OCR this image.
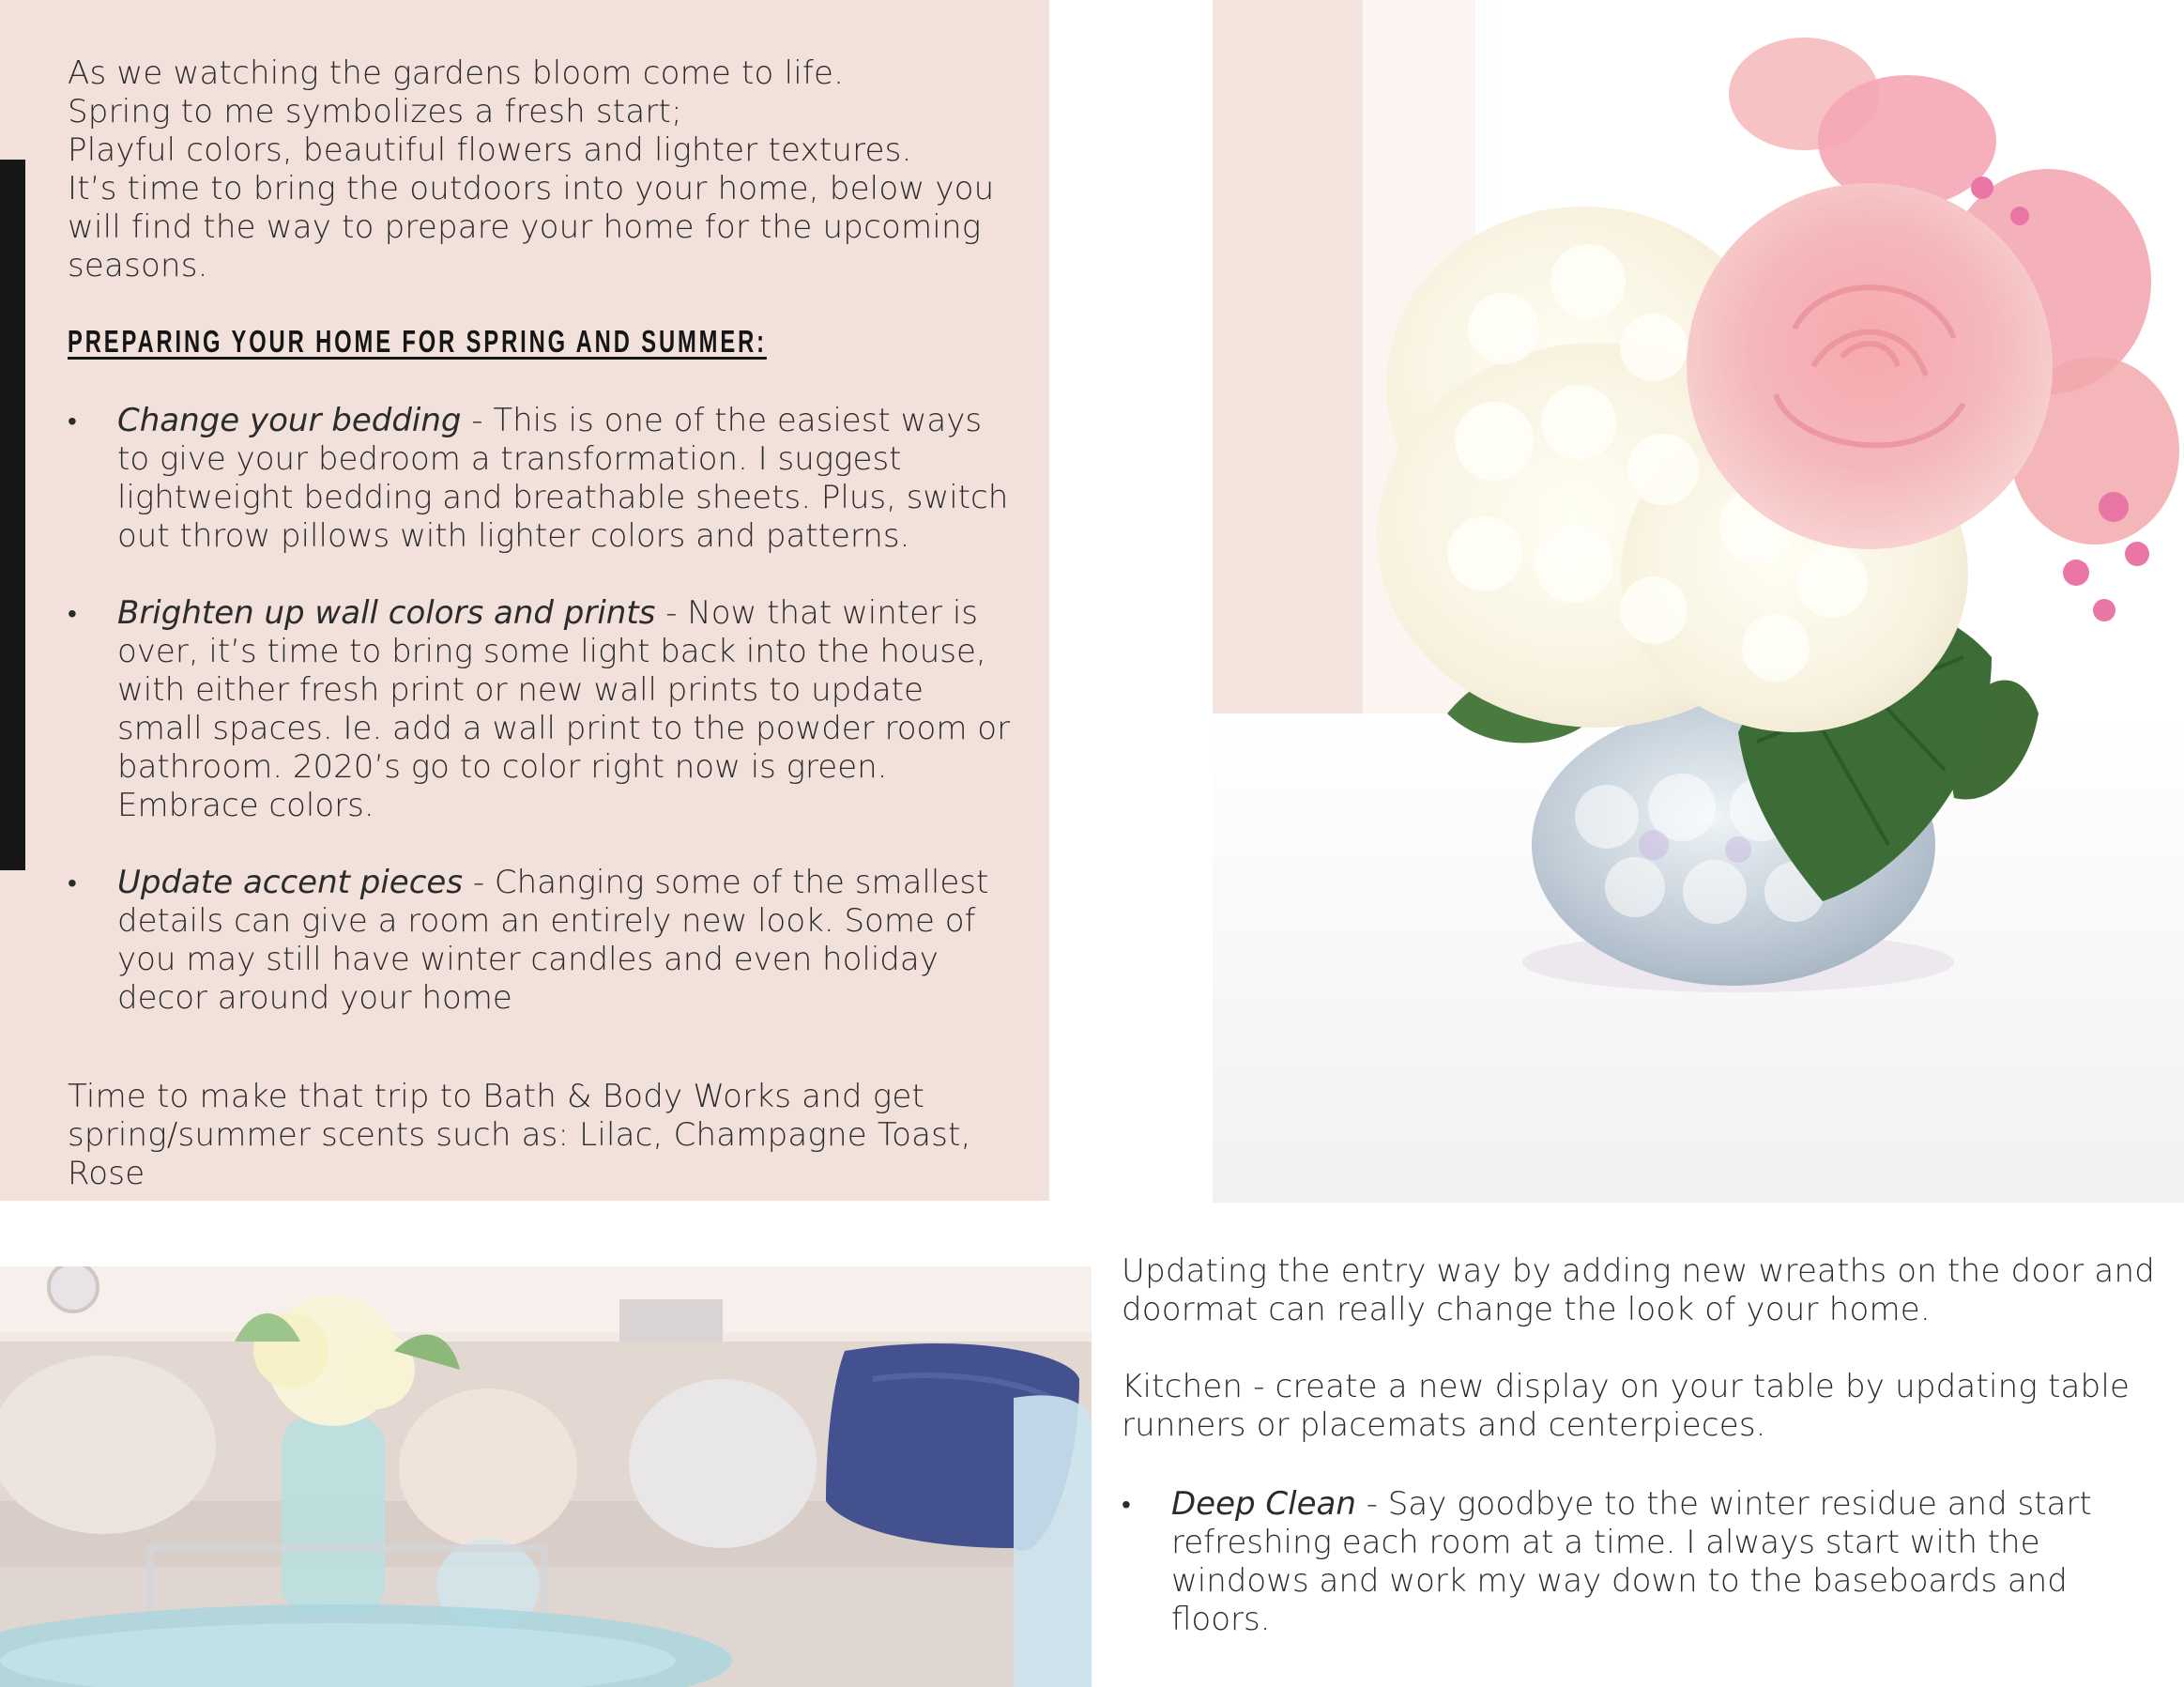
As we watching the gardens bloom come to life.

Spring to me symbolizes a fresh start;

Playful colors, beautiful flowers and lighter textures.

It’s time to bring the outdoors into your home, below you will find the way to prepare your home for the upcoming seasons.

PREPARING YOUR HOME FOR SPRING AND SUMMER:
• Change your bedding - This is one of the easiest ways to give your bedroom a transformation. I suggest lightweight bedding and breathable sheets. Plus, switch out throw pillows with lighter colors and patterns.
• Brighten up wall colors and prints - Now that winter is over, it’s time to bring some light back into the house, with either fresh print or new wall prints to update small spaces. Ie. add a wall print to the powder room or bathroom. 2020’s go to color right now is green. Embrace colors.
• Update accent pieces - Changing some of the smallest details can give a room an entirely new look. Some of you may still have winter candles and even holiday decor around your home

Time to make that trip to Bath & Body Works and get spring/summer scents such as: Lilac, Champagne Toast, Rose

Updating the entry way by adding new wreaths on the door and doormat can really change the look of your home.

Kitchen - create a new display on your table by updating table runners or placemats and centerpieces.

• Deep Clean - Say goodbye to the winter residue and start refreshing each room at a time. I always start with the windows and work my way down to the baseboards and floors.
